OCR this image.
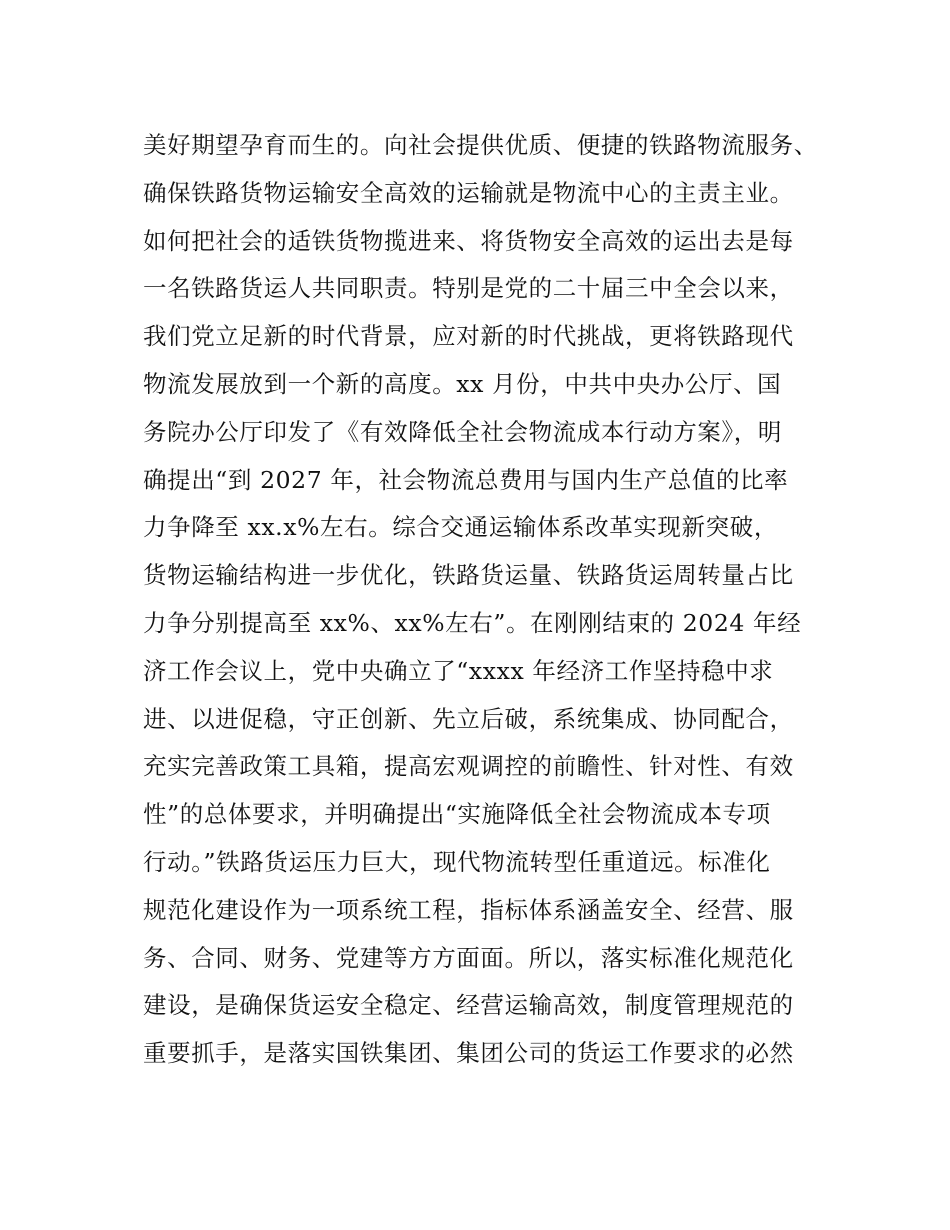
美好期望孕育而生的。向社会提供优质、便捷的铁路物流服务、
确保铁路货物运输安全高效的运输就是物流中心的主责主业。
如何把社会的适铁货物揽进来、将货物安全高效的运出去是每
一名铁路货运人共同职责。特别是党的二十届三中全会以来，
我们党立足新的时代背景，应对新的时代挑战，更将铁路现代
物流发展放到一个新的高度。xx 月份，中共中央办公厅、国
务院办公厅印发了《有效降低全社会物流成本行动方案》，明
确提出“到 2027 年，社会物流总费用与国内生产总值的比率
力争降至 xx.x%左右。综合交通运输体系改革实现新突破，
货物运输结构进一步优化，铁路货运量、铁路货运周转量占比
力争分别提高至 xx%、xx%左右”。在刚刚结束的 2024 年经
济工作会议上，党中央确立了“xxxx 年经济工作坚持稳中求
进、以进促稳，守正创新、先立后破，系统集成、协同配合，
充实完善政策工具箱，提高宏观调控的前瞻性、针对性、有效
性”的总体要求，并明确提出“实施降低全社会物流成本专项
行动。”铁路货运压力巨大，现代物流转型任重道远。标准化
规范化建设作为一项系统工程，指标体系涵盖安全、经营、服
务、合同、财务、党建等方方面面。所以，落实标准化规范化
建设，是确保货运安全稳定、经营运输高效，制度管理规范的
重要抓手，是落实国铁集团、集团公司的货运工作要求的必然
